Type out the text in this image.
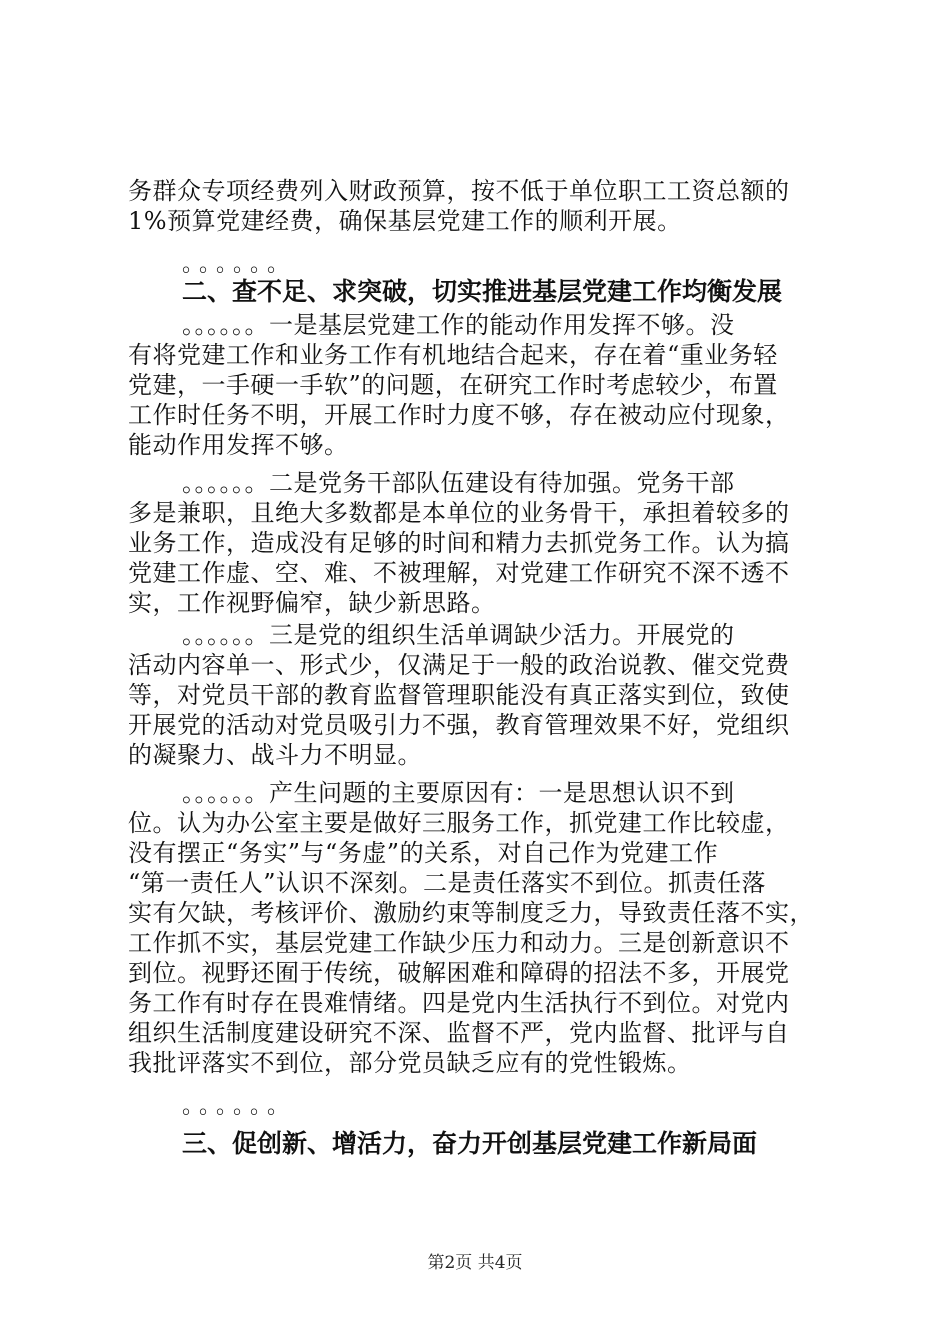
务群众专项经费列入财政预算，按不低于单位职工工资总额的
1%预算党建经费，确保基层党建工作的顺利开展。
。。。。。。
二、查不足、求突破，切实推进基层党建工作均衡发展
。。。。。。一是基层党建工作的能动作用发挥不够。没
有将党建工作和业务工作有机地结合起来，存在着“重业务轻
党建，一手硬一手软”的问题，在研究工作时考虑较少，布置
工作时任务不明，开展工作时力度不够，存在被动应付现象，
能动作用发挥不够。
。。。。。。二是党务干部队伍建设有待加强。党务干部
多是兼职，且绝大多数都是本单位的业务骨干，承担着较多的
业务工作，造成没有足够的时间和精力去抓党务工作。认为搞
党建工作虚、空、难、不被理解，对党建工作研究不深不透不
实，工作视野偏窄，缺少新思路。
。。。。。。三是党的组织生活单调缺少活力。开展党的
活动内容单一、形式少，仅满足于一般的政治说教、催交党费
等，对党员干部的教育监督管理职能没有真正落实到位，致使
开展党的活动对党员吸引力不强，教育管理效果不好，党组织
的凝聚力、战斗力不明显。
。。。。。。产生问题的主要原因有：一是思想认识不到
位。认为办公室主要是做好三服务工作，抓党建工作比较虚，
没有摆正“务实”与“务虚”的关系，对自己作为党建工作
“第一责任人”认识不深刻。二是责任落实不到位。抓责任落
实有欠缺，考核评价、激励约束等制度乏力，导致责任落不实，
工作抓不实，基层党建工作缺少压力和动力。三是创新意识不
到位。视野还囿于传统，破解困难和障碍的招法不多，开展党
务工作有时存在畏难情绪。四是党内生活执行不到位。对党内
组织生活制度建设研究不深、监督不严，党内监督、批评与自
我批评落实不到位，部分党员缺乏应有的党性锻炼。
。。。。。。
三、促创新、增活力，奋力开创基层党建工作新局面
第2页 共4页
